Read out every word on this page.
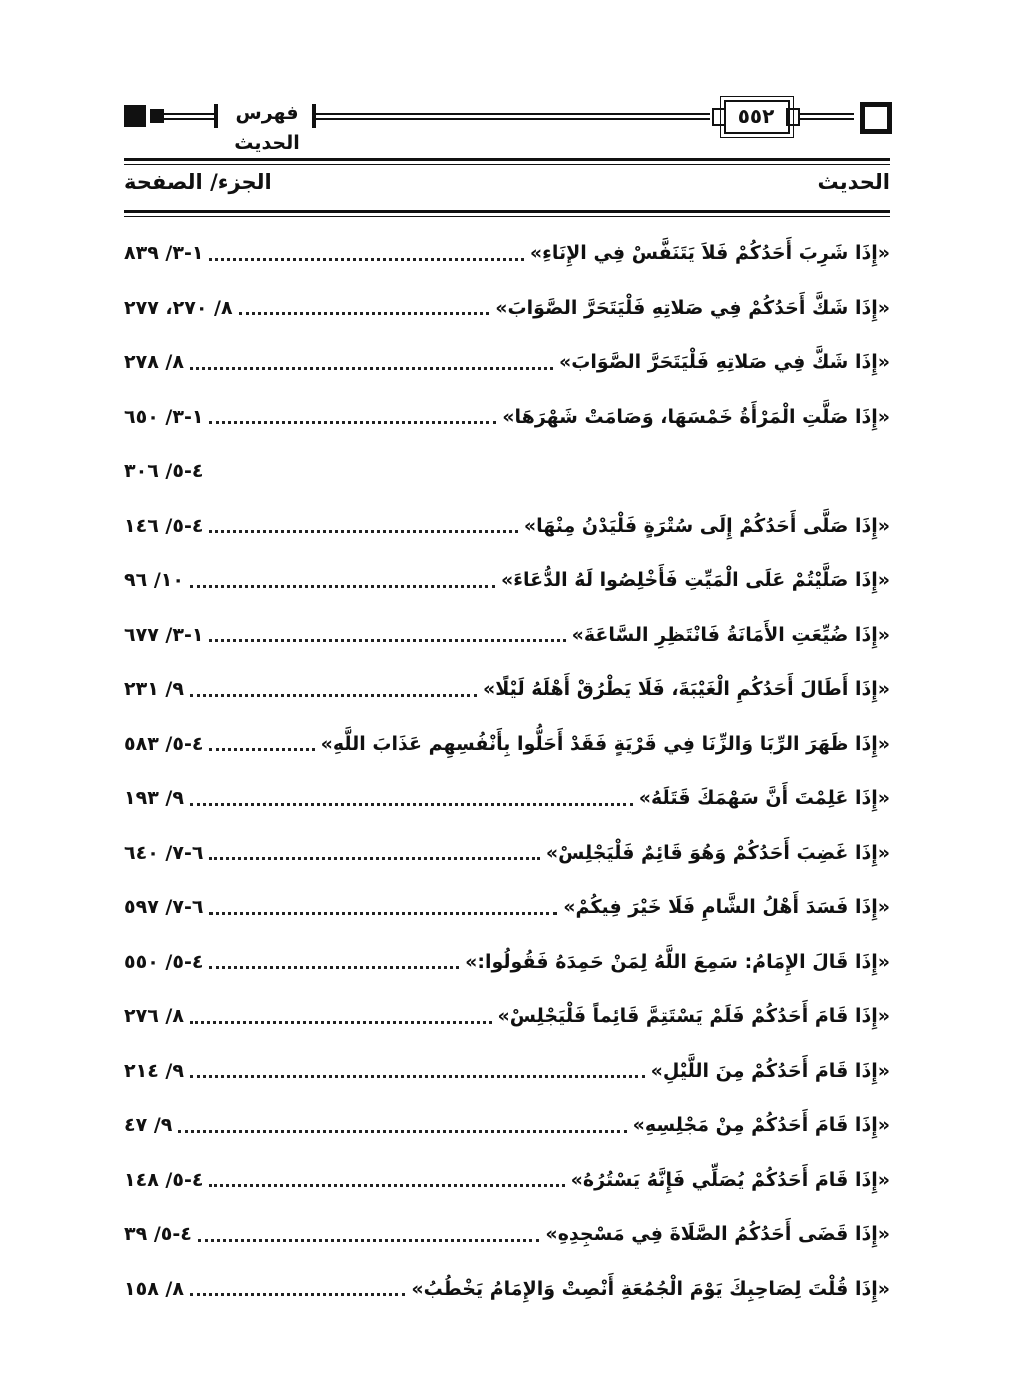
فهرس الحديث
٥٥٢
الحديث
الجزء/ الصفحة
«إِذَا شَرِبَ أَحَدُكُمْ فَلاَ يَتَنَفَّسْ فِي الإِنَاءِ»
١-٣/ ٨٣٩
«إِذَا شَكَّ أَحَدُكُمْ فِي صَلاتِهِ فَلْيَتَحَرَّ الصَّوَابَ»
٨/ ٢٧٠، ٢٧٧
«إِذَا شَكَّ فِي صَلاتِهِ فَلْيَتَحَرَّ الصَّوَابَ»
٨/ ٢٧٨
«إِذَا صَلَّتِ الْمَرْأَةُ خَمْسَهَا، وَصَامَتْ شَهْرَهَا»
١-٣/ ٦٥٠
٤-٥/ ٣٠٦
«إِذَا صَلَّى أَحَدُكُمْ إِلَى سُتْرَةٍ فَلْيَدْنُ مِنْهَا»
٤-٥/ ١٤٦
«إِذَا صَلَّيْتُمْ عَلَى الْمَيِّتِ فَأَخْلِصُوا لَهُ الدُّعَاءَ»
١٠/ ٩٦
«إِذَا ضُيِّعَتِ الأَمَانَةُ فَانْتَظِرِ السَّاعَةَ»
١-٣/ ٦٧٧
«إِذَا أَطَالَ أَحَدُكُمِ الْغَيْبَةَ، فَلَا يَطْرُقْ أَهْلَهُ لَيْلًا»
٩/ ٢٣١
«إِذَا ظَهَرَ الرِّبَا وَالزِّنَا فِي قَرْيَةٍ فَقَدْ أَحَلُّوا بِأَنْفُسِهِم عَذَابَ اللَّهِ»
٤-٥/ ٥٨٣
«إِذَا عَلِمْتَ أَنَّ سَهْمَكَ قَتَلَهُ»
٩/ ١٩٣
«إِذَا غَضِبَ أَحَدُكُمْ وَهُوَ قَائِمٌ فَلْيَجْلِسْ»
٦-٧/ ٦٤٠
«إِذَا فَسَدَ أَهْلُ الشَّامِ فَلَا خَيْرَ فِيكُمْ»
٦-٧/ ٥٩٧
«إِذَا قَالَ الإِمَامُ: سَمِعَ اللَّهُ لِمَنْ حَمِدَهُ فَقُولُوا:»
٤-٥/ ٥٥٠
«إِذَا قَامَ أَحَدُكُمْ فَلَمْ يَسْتَتِمَّ قَائِماً فَلْيَجْلِسْ»
٨/ ٢٧٦
«إِذَا قَامَ أَحَدُكُمْ مِنَ اللَّيْلِ»
٩/ ٢١٤
«إِذَا قَامَ أَحَدُكُمْ مِنْ مَجْلِسِهِ»
٩/ ٤٧
«إِذَا قَامَ أَحَدُكُمْ يُصَلِّي فَإِنَّهُ يَسْتُرُهُ»
٤-٥/ ١٤٨
«إِذَا قَضَى أَحَدُكُمُ الصَّلَاةَ فِي مَسْجِدِهِ»
٤-٥/ ٣٩
«إِذَا قُلْتَ لِصَاحِبِكَ يَوْمَ الْجُمُعَةِ أَنْصِتْ وَالإِمَامُ يَخْطُبُ»
٨/ ١٥٨
